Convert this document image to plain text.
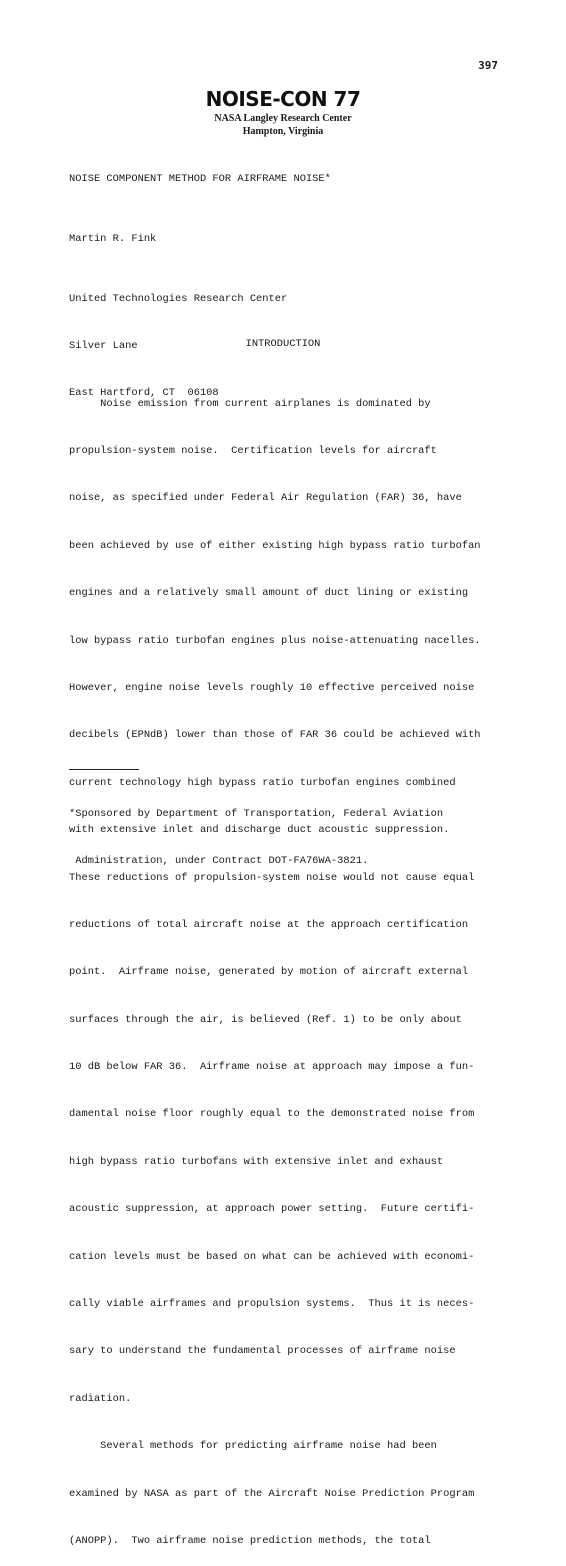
397
NOISE-CON 77
NASA Langley Research Center
Hampton, Virginia
NOISE COMPONENT METHOD FOR AIRFRAME NOISE*
Martin R. Fink

United Technologies Research Center

Silver Lane

East Hartford, CT  06108

INTRODUCTION

Noise emission from current airplanes is dominated by

propulsion-system noise.  Certification levels for aircraft

noise, as specified under Federal Air Regulation (FAR) 36, have

been achieved by use of either existing high bypass ratio turbofan

engines and a relatively small amount of duct lining or existing

low bypass ratio turbofan engines plus noise-attenuating nacelles.

However, engine noise levels roughly 10 effective perceived noise

decibels (EPNdB) lower than those of FAR 36 could be achieved with

current technology high bypass ratio turbofan engines combined

with extensive inlet and discharge duct acoustic suppression.

These reductions of propulsion-system noise would not cause equal

reductions of total aircraft noise at the approach certification

point.  Airframe noise, generated by motion of aircraft external

surfaces through the air, is believed (Ref. 1) to be only about

10 dB below FAR 36.  Airframe noise at approach may impose a fun-

damental noise floor roughly equal to the demonstrated noise from

high bypass ratio turbofans with extensive inlet and exhaust

acoustic suppression, at approach power setting.  Future certifi-

cation levels must be based on what can be achieved with economi-

cally viable airframes and propulsion systems.  Thus it is neces-

sary to understand the fundamental processes of airframe noise

radiation.

Several methods for predicting airframe noise had been

examined by NASA as part of the Aircraft Noise Prediction Program

(ANOPP).  Two airframe noise prediction methods, the total

*Sponsored by Department of Transportation, Federal Aviation

Administration, under Contract DOT-FA76WA-3821.
